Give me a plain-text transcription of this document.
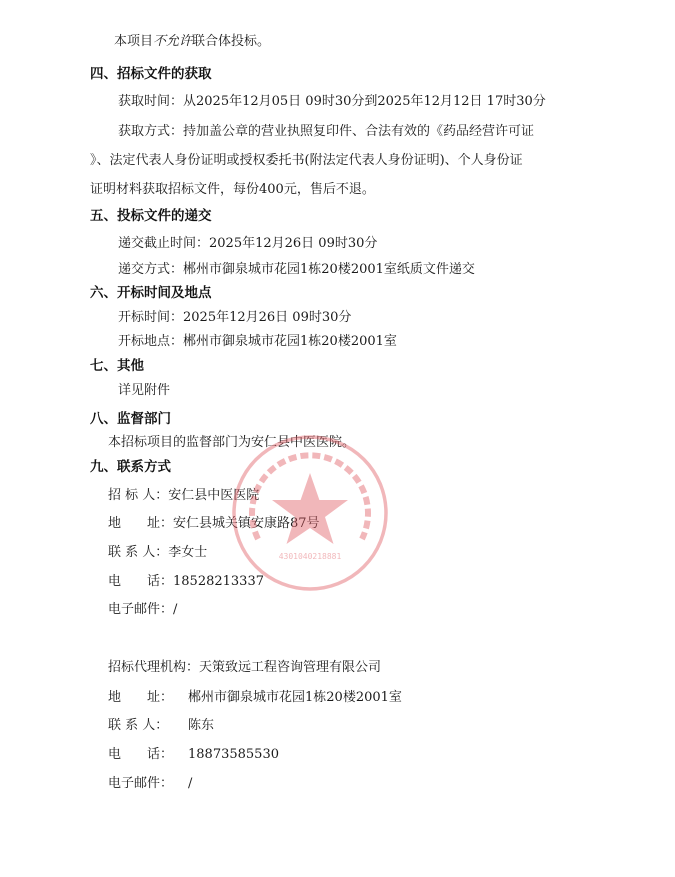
本项目不允许联合体投标。
四、招标文件的获取
获取时间：从2025年12月05日 09时30分到2025年12月12日 17时30分
获取方式：持加盖公章的营业执照复印件、合法有效的《药品经营许可证
》、法定代表人身份证明或授权委托书(附法定代表人身份证明)、个人身份证
证明材料获取招标文件，每份400元，售后不退。
五、投标文件的递交
递交截止时间：2025年12月26日 09时30分
递交方式：郴州市御泉城市花园1栋20楼2001室纸质文件递交
六、开标时间及地点
开标时间：2025年12月26日 09时30分
开标地点：郴州市御泉城市花园1栋20楼2001室
七、其他
详见附件
八、监督部门
本招标项目的监督部门为安仁县中医医院。
九、联系方式
招 标 人：安仁县中医医院
地　　址：安仁县城关镇安康路87号
联 系 人：李女士
电　　话：18528213337
电子邮件：/
招标代理机构：天策致远工程咨询管理有限公司
地　　址： 郴州市御泉城市花园1栋20楼2001室
联 系 人： 陈东
电　　话： 18873585530
电子邮件： /
4301040218881
